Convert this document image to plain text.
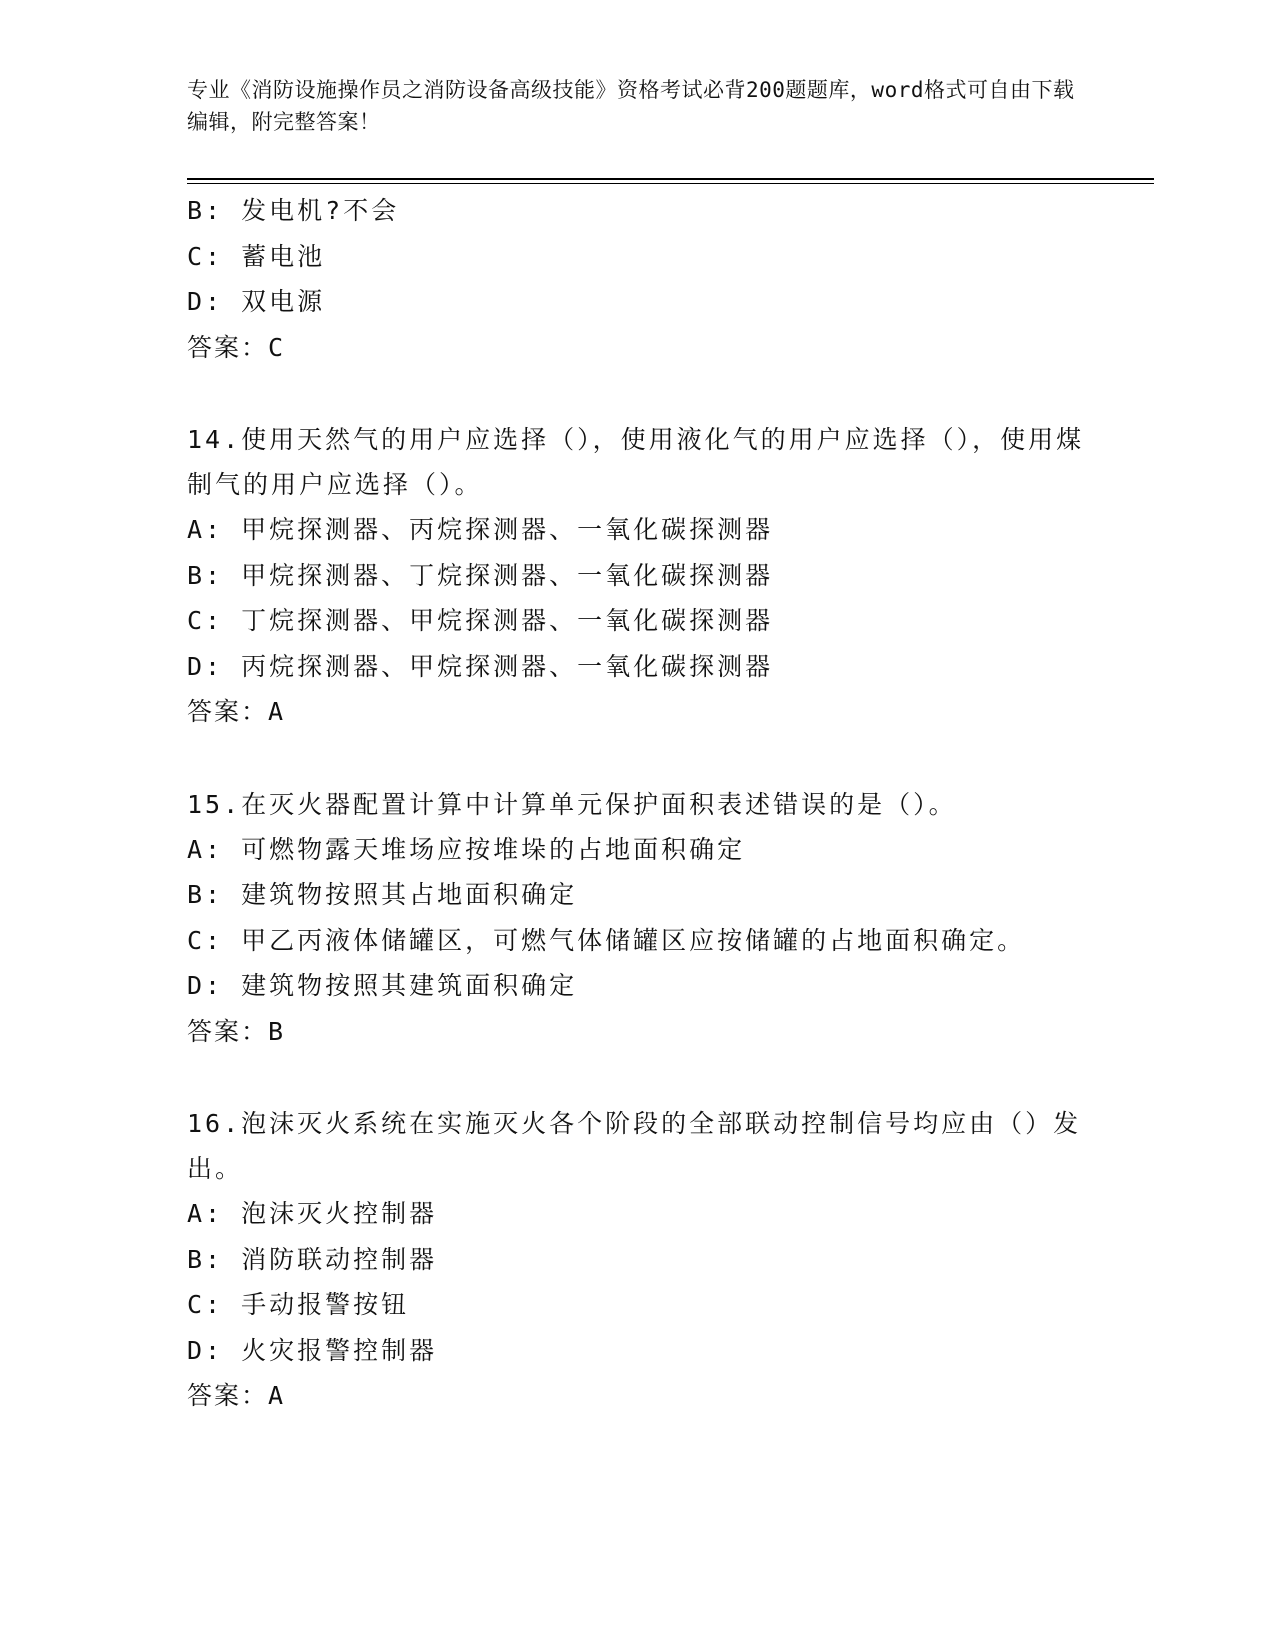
专业《消防设施操作员之消防设备高级技能》资格考试必背200题题库，word格式可自由下载编辑，附完整答案！
B: 发电机?不会
C: 蓄电池
D: 双电源
答案：C
14.使用天然气的用户应选择（），使用液化气的用户应选择（），使用煤制气的用户应选择（）。
A: 甲烷探测器、丙烷探测器、一氧化碳探测器
B: 甲烷探测器、丁烷探测器、一氧化碳探测器
C: 丁烷探测器、甲烷探测器、一氧化碳探测器
D: 丙烷探测器、甲烷探测器、一氧化碳探测器
答案：A
15.在灭火器配置计算中计算单元保护面积表述错误的是（）。
A: 可燃物露天堆场应按堆垛的占地面积确定
B: 建筑物按照其占地面积确定
C: 甲乙丙液体储罐区，可燃气体储罐区应按储罐的占地面积确定。
D: 建筑物按照其建筑面积确定
答案：B
16.泡沫灭火系统在实施灭火各个阶段的全部联动控制信号均应由（）发出。
A: 泡沫灭火控制器
B: 消防联动控制器
C: 手动报警按钮
D: 火灾报警控制器
答案：A
